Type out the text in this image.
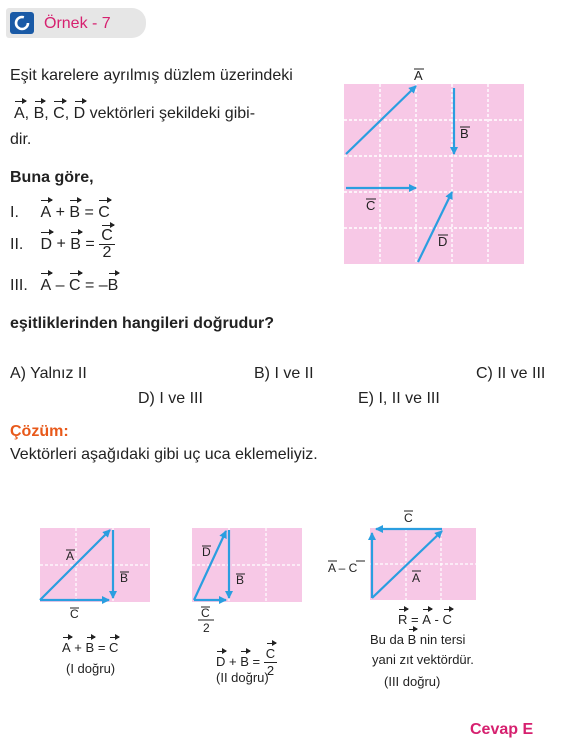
Örnek - 7
Eşit karelere ayrılmış düzlem üzerindeki
A, B, C, D vektörleri şekildeki gibi-
dir.
Buna göre,
I. A + B = C
II. $D + B = \frac{C}{2}$
III. A – C = –B
eşitliklerinden hangileri doğrudur?
A) Yalnız II	B) I ve II	C) II ve III
D) I ve III	E) I, II ve III
Çözüm:
Vektörleri aşağıdaki gibi uç uca eklemeliyiz.
A
B
C
D
A
B
C
A + B = C
(I doğru)
D
B
C
2
$D + B = \frac{C}{2}$
(II doğru)
C
A
A – C
R = A - C
Bu da B nin tersi
yani zıt vektördür.
(III doğru)
Cevap E
